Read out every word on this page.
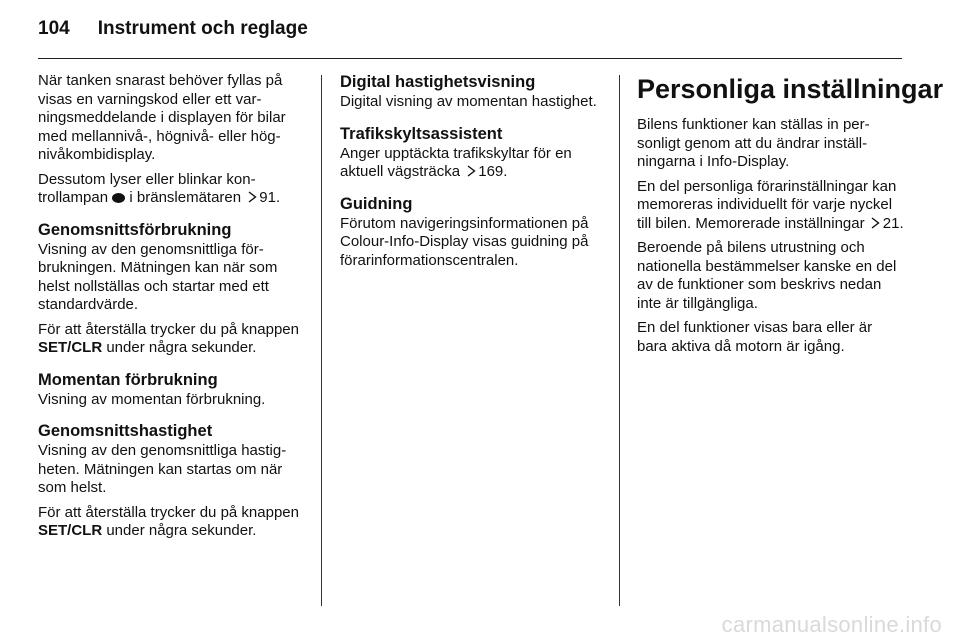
104 Instrument och reglage

När tanken snarast behöver fyllas på visas en varningskod eller ett varningsmeddelande i displayen för bilar med mellannivå-, högnivå- eller högnivåkombidisplay.

Dessutom lyser eller blinkar kontrollampan i bränslemätaren 91.

Genomsnittsförbrukning

Visning av den genomsnittliga förbrukningen. Mätningen kan när som helst nollställas och startar med ett standardvärde.

För att återställa trycker du på knappen SET/CLR under några sekunder.

Momentan förbrukning

Visning av momentan förbrukning.

Genomsnittshastighet

Visning av den genomsnittliga hastigheten. Mätningen kan startas om när som helst.

För att återställa trycker du på knappen SET/CLR under några sekunder.

Digital hastighetsvisning

Digital visning av momentan hastighet.

Trafikskyltsassistent

Anger upptäckta trafikskyltar för en aktuell vägsträcka 169.

Guidning

Förutom navigeringsinformationen på Colour-Info-Display visas guidning på förarinformationscentralen.

Personliga inställningar

Bilens funktioner kan ställas in personligt genom att du ändrar inställningarna i Info-Display.

En del personliga förarinställningar kan memoreras individuellt för varje nyckel till bilen. Memorerade inställningar 21.

Beroende på bilens utrustning och nationella bestämmelser kanske en del av de funktioner som beskrivs nedan inte är tillgängliga.

En del funktioner visas bara eller är bara aktiva då motorn är igång.

carmanualsonline.info
